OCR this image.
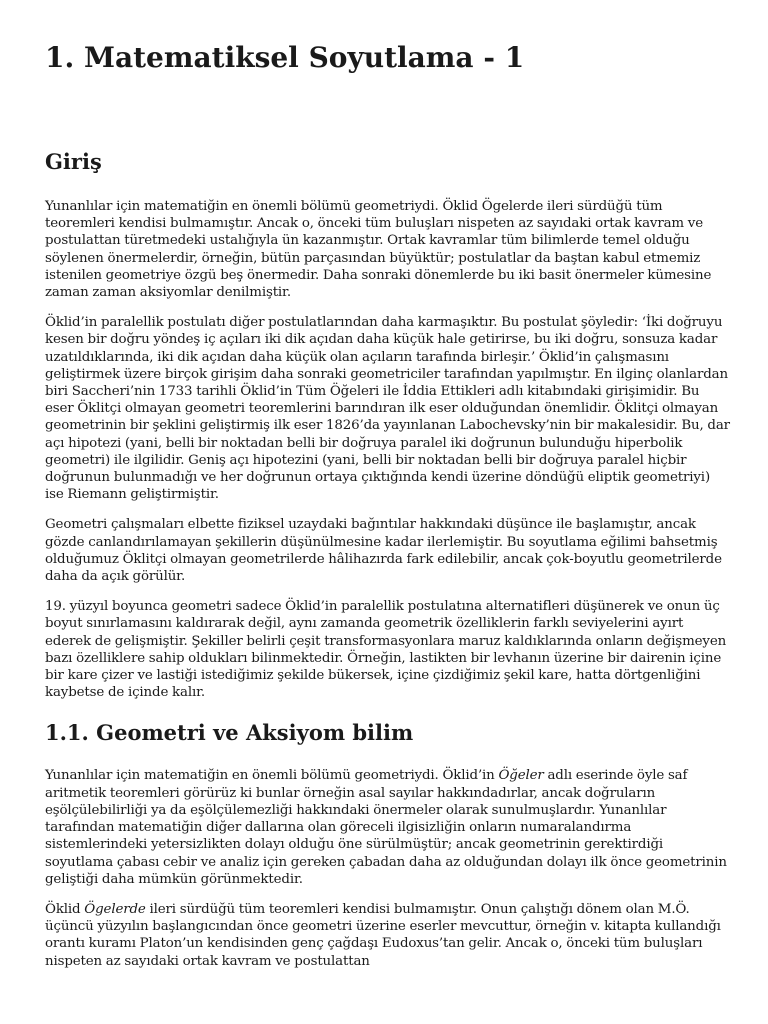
1. Matematiksel Soyutlama - 1
Giriş

Yunanlılar için matematiğin en önemli bölümü geometriydi. Öklid Ögelerde ileri sürdüğü tüm teoremleri kendisi bulmamıştır. Ancak o, önceki tüm buluşları nispeten az sayıdaki ortak kavram ve postulattan türetmedeki ustalığıyla ün kazanmıştır. Ortak kavramlar tüm bilimlerde temel olduğu söylenen önermelerdir, örneğin, bütün parçasından büyüktür; postulatlar da baştan kabul etmemiz istenilen geometriye özgü beş önermedir. Daha sonraki dönemlerde bu iki basit önermeler kümesine zaman zaman aksiyomlar denilmiştir.

Öklid’in paralellik postulatı diğer postulatlarından daha karmaşıktır. Bu postulat şöyledir: ‘İki doğruyu kesen bir doğru yöndeş iç açıları iki dik açıdan daha küçük hale getirirse, bu iki doğru, sonsuza kadar uzatıldıklarında, iki dik açıdan daha küçük olan açıların tarafında birleşir.’ Öklid’in çalışmasını geliştirmek üzere birçok girişim daha sonraki geometriciler tarafından yapılmıştır. En ilginç olanlardan biri Saccheri’nin 1733 tarihli Öklid’in Tüm Öğeleri ile İddia Ettikleri adlı kitabındaki girişimidir. Bu eser Öklitçi olmayan geometri teoremlerini barındıran ilk eser olduğundan önemlidir. Öklitçi olmayan geometrinin bir şeklini geliştirmiş ilk eser 1826’da yayınlanan Labochevsky’nin bir makalesidir. Bu, dar açı hipotezi (yani, belli bir noktadan belli bir doğruya paralel iki doğrunun bulunduğu hiperbolik geometri) ile ilgilidir. Geniş açı hipotezini (yani, belli bir noktadan belli bir doğruya paralel hiçbir doğrunun bulunmadığı ve her doğrunun ortaya çıktığında kendi üzerine döndüğü eliptik geometriyi) ise Riemann geliştirmiştir.

Geometri çalışmaları elbette fiziksel uzaydaki bağıntılar hakkındaki düşünce ile başlamıştır, ancak gözde canlandırılamayan şekillerin düşünülmesine kadar ilerlemiştir. Bu soyutlama eğilimi bahsetmiş olduğumuz Öklitçi olmayan geometrilerde hâlihazırda fark edilebilir, ancak çok-boyutlu geometrilerde daha da açık görülür.

19. yüzyıl boyunca geometri sadece Öklid’in paralellik postulatına alternatifleri düşünerek ve onun üç boyut sınırlamasını kaldırarak değil, aynı zamanda geometrik özelliklerin farklı seviyelerini ayırt ederek de gelişmiştir. Şekiller belirli çeşit transformasyonlara maruz kaldıklarında onların değişmeyen bazı özelliklere sahip oldukları bilinmektedir. Örneğin, lastikten bir levhanın üzerine bir dairenin içine bir kare çizer ve lastiği istediğimiz şekilde bükersek, içine çizdiğimiz şekil kare, hatta dörtgenliğini kaybetse de içinde kalır.

1.1. Geometri ve Aksiyom bilim

Yunanlılar için matematiğin en önemli bölümü geometriydi. Öklid’in Öğeler adlı eserinde öyle saf aritmetik teoremleri görürüz ki bunlar örneğin asal sayılar hakkındadırlar, ancak doğruların eşölçülebilirliği ya da eşölçülemezliği hakkındaki önermeler olarak sunulmuşlardır. Yunanlılar tarafından matematiğin diğer dallarına olan göreceli ilgisizliğin onların numaralandırma sistemlerindeki yetersizlikten dolayı olduğu öne sürülmüştür; ancak geometrinin gerektirdiği soyutlama çabası cebir ve analiz için gereken çabadan daha az olduğundan dolayı ilk önce geometrinin geliştiği daha mümkün görünmektedir.

Öklid Ögelerde ileri sürdüğü tüm teoremleri kendisi bulmamıştır. Onun çalıştığı dönem olan M.Ö. üçüncü yüzyılın başlangıcından önce geometri üzerine eserler mevcuttur, örneğin v. kitapta kullandığı orantı kuramı Platon’un kendisinden genç çağdaşı Eudoxus’tan gelir. Ancak o, önceki tüm buluşları nispeten az sayıdaki ortak kavram ve postulattan
